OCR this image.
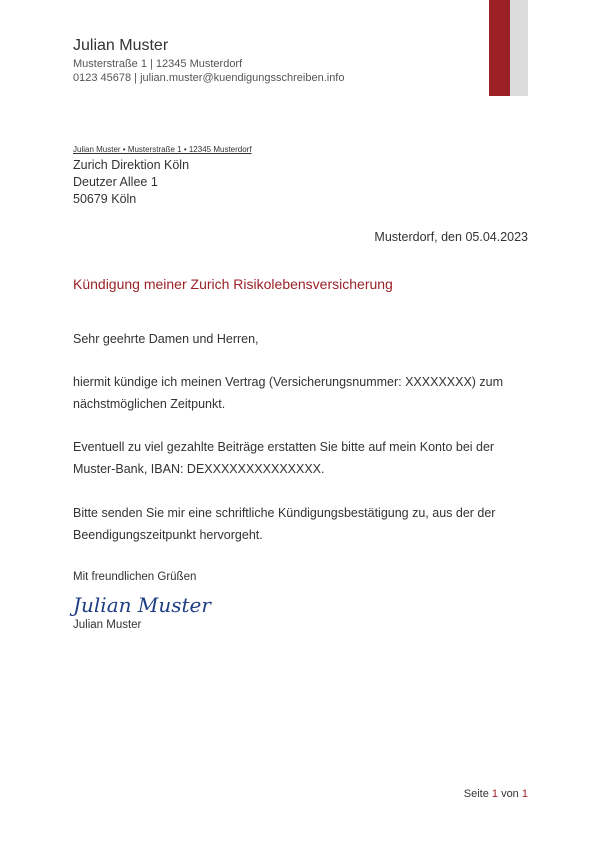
Julian Muster
Musterstraße 1 | 12345 Musterdorf
0123 45678 | julian.muster@kuendigungsschreiben.info
Julian Muster • Musterstraße 1 • 12345 Musterdorf
Zurich Direktion Köln
Deutzer Allee 1
50679 Köln
Musterdorf, den 05.04.2023
Kündigung meiner Zurich Risikolebensversicherung

Sehr geehrte Damen und Herren,

hiermit kündige ich meinen Vertrag (Versicherungsnummer: XXXXXXXX) zum nächstmöglichen Zeitpunkt.

Eventuell zu viel gezahlte Beiträge erstatten Sie bitte auf mein Konto bei der Muster-Bank, IBAN: DEXXXXXXXXXXXXXX.

Bitte senden Sie mir eine schriftliche Kündigungsbestätigung zu, aus der der Beendigungszeitpunkt hervorgeht.

Mit freundlichen Grüßen
Julian Muster
Julian Muster
Seite 1 von 1
